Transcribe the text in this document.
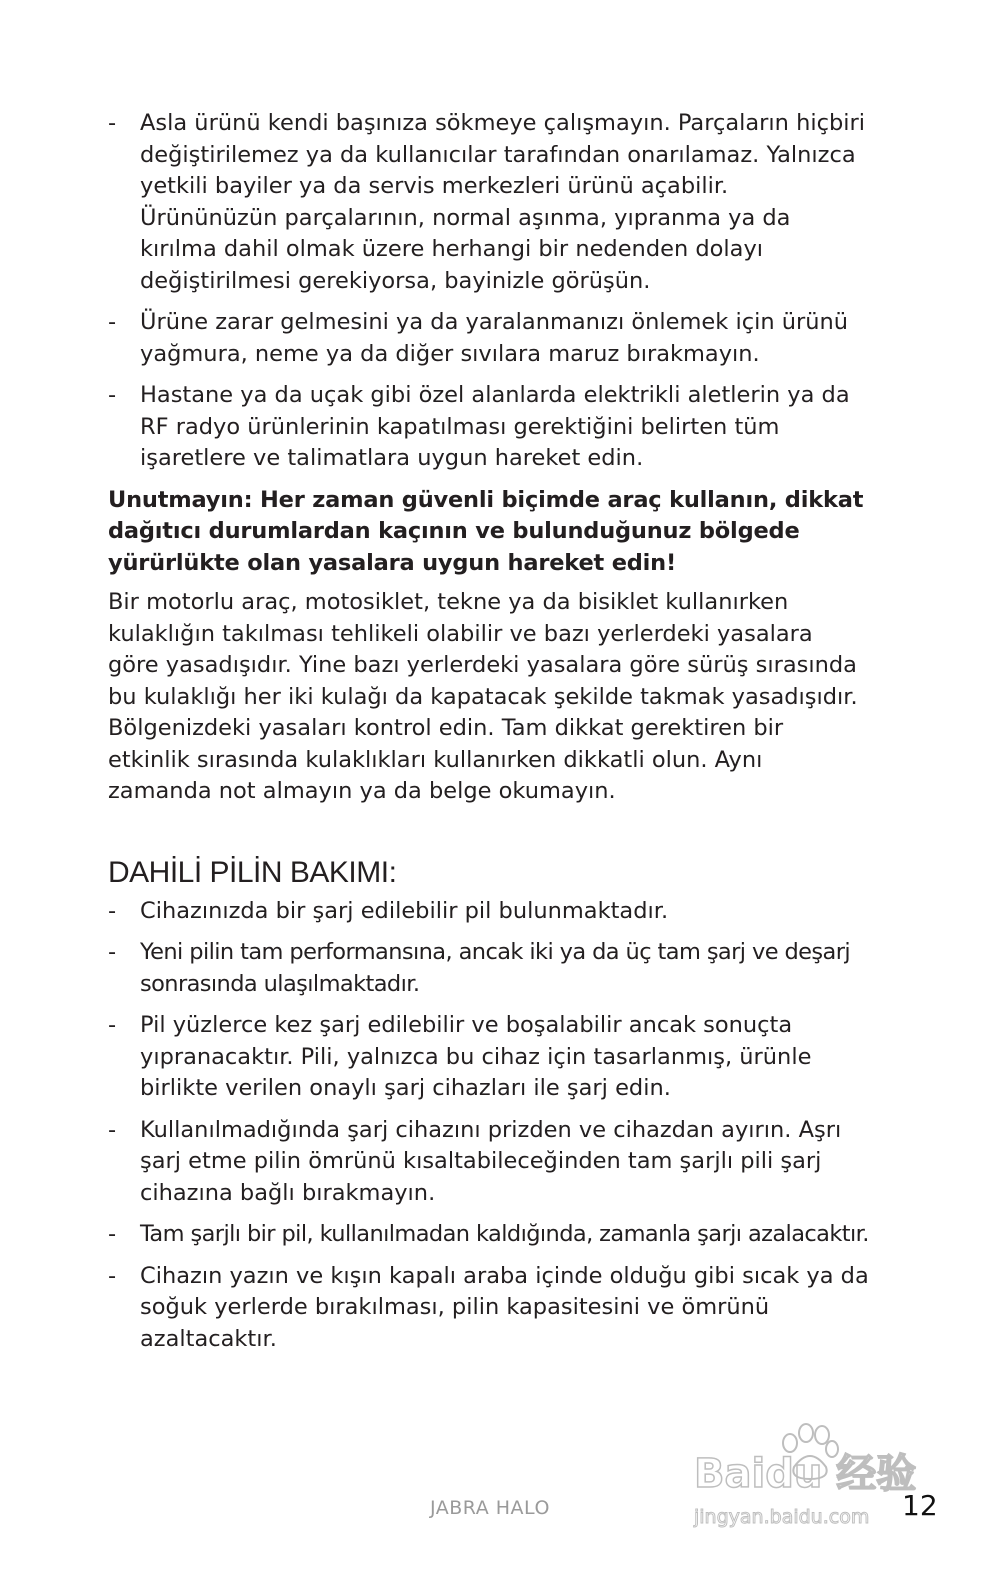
- Asla ürünü kendi başınıza sökmeye çalışmayın. Parçaların hiçbiri değiştirilemez ya da kullanıcılar tarafından onarılamaz. Yalnızca yetkili bayiler ya da servis merkezleri ürünü açabilir. Ürününüzün parçalarının, normal aşınma, yıpranma ya da kırılma dahil olmak üzere herhangi bir nedenden dolayı değiştirilmesi gerekiyorsa, bayinizle görüşün.
- Ürüne zarar gelmesini ya da yaralanmanızı önlemek için ürünü yağmura, neme ya da diğer sıvılara maruz bırakmayın.
- Hastane ya da uçak gibi özel alanlarda elektrikli aletlerin ya da RF radyo ürünlerinin kapatılması gerektiğini belirten tüm işaretlere ve talimatlara uygun hareket edin.

Unutmayın: Her zaman güvenli biçimde araç kullanın, dikkat dağıtıcı durumlardan kaçının ve bulunduğunuz bölgede yürürlükte olan yasalara uygun hareket edin!

Bir motorlu araç, motosiklet, tekne ya da bisiklet kullanırken kulaklığın takılması tehlikeli olabilir ve bazı yerlerdeki yasalara göre yasadışıdır. Yine bazı yerlerdeki yasalara göre sürüş sırasında bu kulaklığı her iki kulağı da kapatacak şekilde takmak yasadışıdır. Bölgenizdeki yasaları kontrol edin. Tam dikkat gerektiren bir etkinlik sırasında kulaklıkları kullanırken dikkatli olun. Aynı zamanda not almayın ya da belge okumayın.

DAHİLİ PİLİN BAKIMI:
- Cihazınızda bir şarj edilebilir pil bulunmaktadır.
- Yeni pilin tam performansına, ancak iki ya da üç tam şarj ve deşarj sonrasında ulaşılmaktadır.
- Pil yüzlerce kez şarj edilebilir ve boşalabilir ancak sonuçta yıpranacaktır. Pili, yalnızca bu cihaz için tasarlanmış, ürünle birlikte verilen onaylı şarj cihazları ile şarj edin.
- Kullanılmadığında şarj cihazını prizden ve cihazdan ayırın. Aşrı şarj etme pilin ömrünü kısaltabileceğinden tam şarjlı pili şarj cihazına bağlı bırakmayın.
- Tam şarjlı bir pil, kullanılmadan kaldığında, zamanla şarjı azalacaktır.
- Cihazın yazın ve kışın kapalı araba içinde olduğu gibi sıcak ya da soğuk yerlerde bırakılması, pilin kapasitesini ve ömrünü azaltacaktır.
Baidu 经验
jingyan.baidu.com
JABRA HALO	12
